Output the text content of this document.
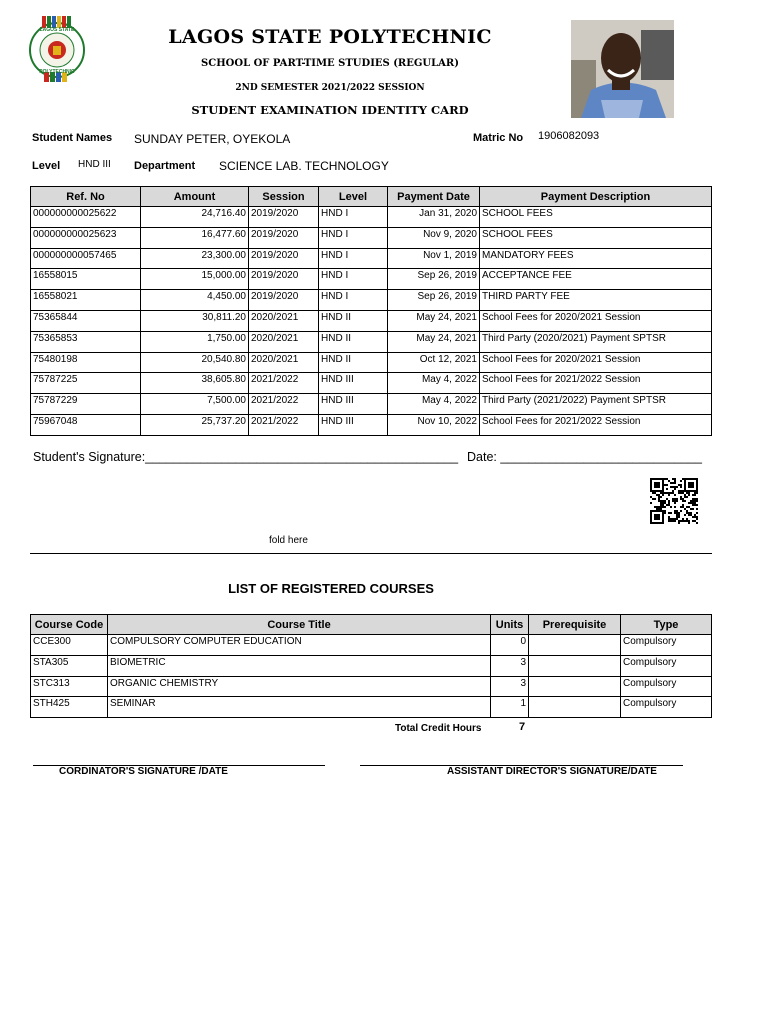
LAGOS STATE
POLYTECHNIC
LAGOS STATE POLYTECHNIC
SCHOOL OF PART-TIME STUDIES (REGULAR)
2ND SEMESTER 2021/2022 SESSION
STUDENT EXAMINATION IDENTITY CARD
Student Names SUNDAY PETER, OYEKOLA	Matric No 1906082093
Level HND III Department SCIENCE LAB. TECHNOLOGY
Ref. No	Amount	Session	Level	Payment Date	Payment Description
000000000025622	24,716.40	2019/2020	HND I	Jan 31, 2020	SCHOOL FEES
000000000025623	16,477.60	2019/2020	HND I	Nov 9, 2020	SCHOOL FEES
000000000057465	23,300.00	2019/2020	HND I	Nov 1, 2019	MANDATORY FEES
16558015	15,000.00	2019/2020	HND I	Sep 26, 2019	ACCEPTANCE FEE
16558021	4,450.00	2019/2020	HND I	Sep 26, 2019	THIRD PARTY FEE
75365844	30,811.20	2020/2021	HND II	May 24, 2021	School Fees for 2020/2021 Session
75365853	1,750.00	2020/2021	HND II	May 24, 2021	Third Party (2020/2021) Payment SPTSR
75480198	20,540.80	2020/2021	HND II	Oct 12, 2021	School Fees for 2020/2021 Session
75787225	38,605.80	2021/2022	HND III	May 4, 2022	School Fees for 2021/2022 Session
75787229	7,500.00	2021/2022	HND III	May 4, 2022	Third Party (2021/2022) Payment SPTSR
75967048	25,737.20	2021/2022	HND III	Nov 10, 2022	School Fees for 2021/2022 Session
Student's Signature:_____________________________________________ Date: _____________________________
fold here
LIST OF REGISTERED COURSES
Course Code	Course Title	Units	Prerequisite	Type
CCE300	COMPULSORY COMPUTER EDUCATION	0		Compulsory
STA305	BIOMETRIC	3		Compulsory
STC313	ORGANIC CHEMISTRY	3		Compulsory
STH425	SEMINAR	1		Compulsory
Total Credit Hours	7
CORDINATOR'S SIGNATURE /DATE	ASSISTANT DIRECTOR'S SIGNATURE/DATE
